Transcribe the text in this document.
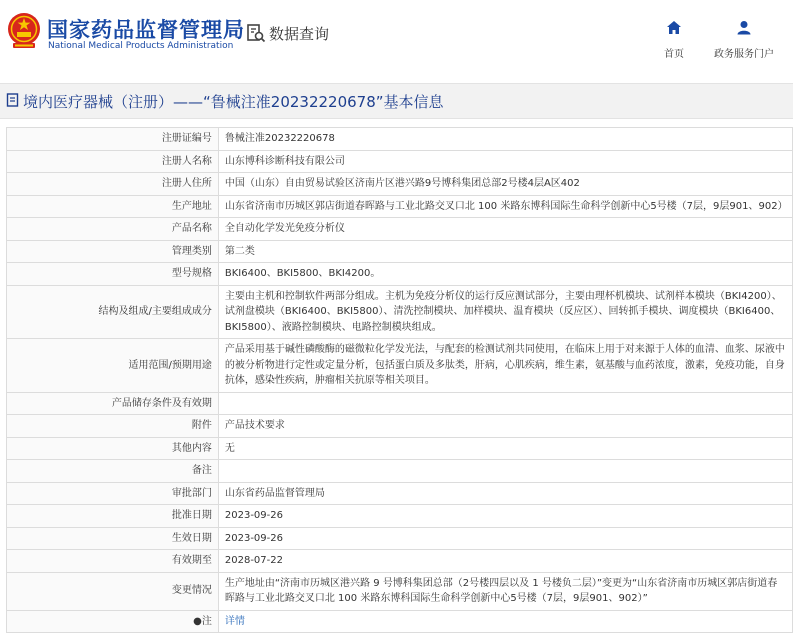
国家药品监督管理局
National Medical Products Administration
数据查询
首页	政务服务门户
境内医疗器械（注册）——“鲁械注准20232220678”基本信息
注册证编号	鲁械注准20232220678
注册人名称	山东博科诊断科技有限公司
注册人住所	中国（山东）自由贸易试验区济南片区港兴路9号博科集团总部2号楼4层A区402
生产地址	山东省济南市历城区郭店街道春晖路与工业北路交叉口北 100 米路东博科国际生命科学创新中心5号楼（7层，9层901、902）
产品名称	全自动化学发光免疫分析仪
管理类别	第二类
型号规格	BKI6400、BKI5800、BKI4200。
结构及组成/主要组成成分	主要由主机和控制软件两部分组成。主机为免疫分析仪的运行反应测试部分，主要由理杯机模块、试剂样本模块（BKI4200）、试剂盘模块（BKI6400、BKI5800）、清洗控制模块、加样模块、温育模块（反应区）、回转抓手模块、调度模块（BKI6400、BKI5800）、液路控制模块、电路控制模块组成。
适用范围/预期用途	产品采用基于碱性磷酸酶的磁微粒化学发光法，与配套的检测试剂共同使用，在临床上用于对来源于人体的血清、血浆、尿液中的被分析物进行定性或定量分析，包括蛋白质及多肽类，肝病，心肌疾病，维生素，氨基酸与血药浓度，激素，免疫功能，自身抗体，感染性疾病，肿瘤相关抗原等相关项目。
产品储存条件及有效期	
附件	产品技术要求
其他内容	无
备注	
审批部门	山东省药品监督管理局
批准日期	2023-09-26
生效日期	2023-09-26
有效期至	2028-07-22
变更情况	生产地址由“济南市历城区港兴路 9 号博科集团总部（2号楼四层以及 1 号楼负二层）”变更为“山东省济南市历城区郭店街道春晖路与工业北路交叉口北 100 米路东博科国际生命科学创新中心5号楼（7层，9层901、902）”
●注	详情
